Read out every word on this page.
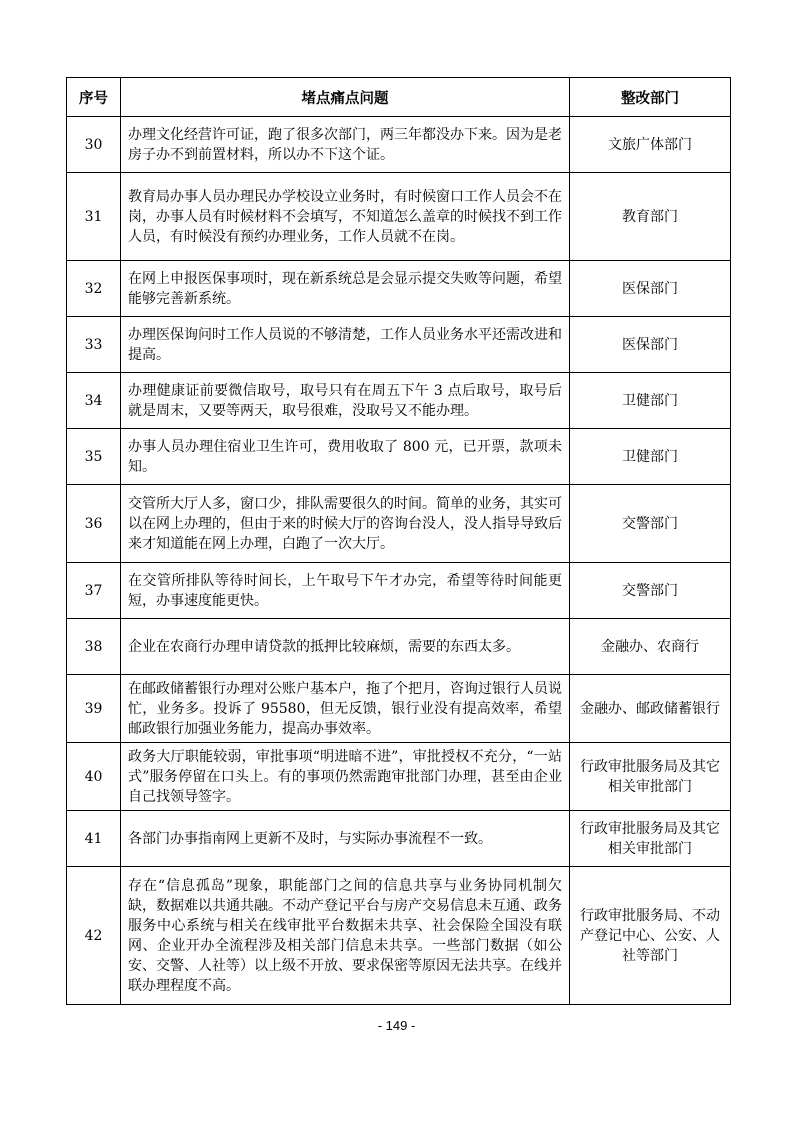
序号	堵点痛点问题	整改部门
30	办理文化经营许可证，跑了很多次部门，两三年都没办下来。因为是老房子办不到前置材料，所以办不下这个证。	文旅广体部门
31	教育局办事人员办理民办学校设立业务时，有时候窗口工作人员会不在岗，办事人员有时候材料不会填写，不知道怎么盖章的时候找不到工作人员，有时候没有预约办理业务，工作人员就不在岗。	教育部门
32	在网上申报医保事项时，现在新系统总是会显示提交失败等问题，希望能够完善新系统。	医保部门
33	办理医保询问时工作人员说的不够清楚，工作人员业务水平还需改进和提高。	医保部门
34	办理健康证前要微信取号，取号只有在周五下午 3 点后取号，取号后就是周末，又要等两天，取号很难，没取号又不能办理。	卫健部门
35	办事人员办理住宿业卫生许可，费用收取了 800 元，已开票，款项未知。	卫健部门
36	交管所大厅人多，窗口少，排队需要很久的时间。简单的业务，其实可以在网上办理的，但由于来的时候大厅的咨询台没人，没人指导导致后来才知道能在网上办理，白跑了一次大厅。	交警部门
37	在交管所排队等待时间长，上午取号下午才办完，希望等待时间能更短，办事速度能更快。	交警部门
38	企业在农商行办理申请贷款的抵押比较麻烦，需要的东西太多。	金融办、农商行
39	在邮政储蓄银行办理对公账户基本户，拖了个把月，咨询过银行人员说忙，业务多。投诉了 95580，但无反馈，银行业没有提高效率，希望邮政银行加强业务能力，提高办事效率。	金融办、邮政储蓄银行
40	政务大厅职能较弱，审批事项“明进暗不进”，审批授权不充分，“一站式”服务停留在口头上。有的事项仍然需跑审批部门办理，甚至由企业自己找领导签字。	行政审批服务局及其它相关审批部门
41	各部门办事指南网上更新不及时，与实际办事流程不一致。	行政审批服务局及其它相关审批部门
42	存在“信息孤岛”现象，职能部门之间的信息共享与业务协同机制欠缺，数据难以共通共融。不动产登记平台与房产交易信息未互通、政务服务中心系统与相关在线审批平台数据未共享、社会保险全国没有联网、企业开办全流程涉及相关部门信息未共享。一些部门数据（如公安、交警、人社等）以上级不开放、要求保密等原因无法共享。在线并联办理程度不高。	行政审批服务局、不动产登记中心、公安、人社等部门
- 149 -
